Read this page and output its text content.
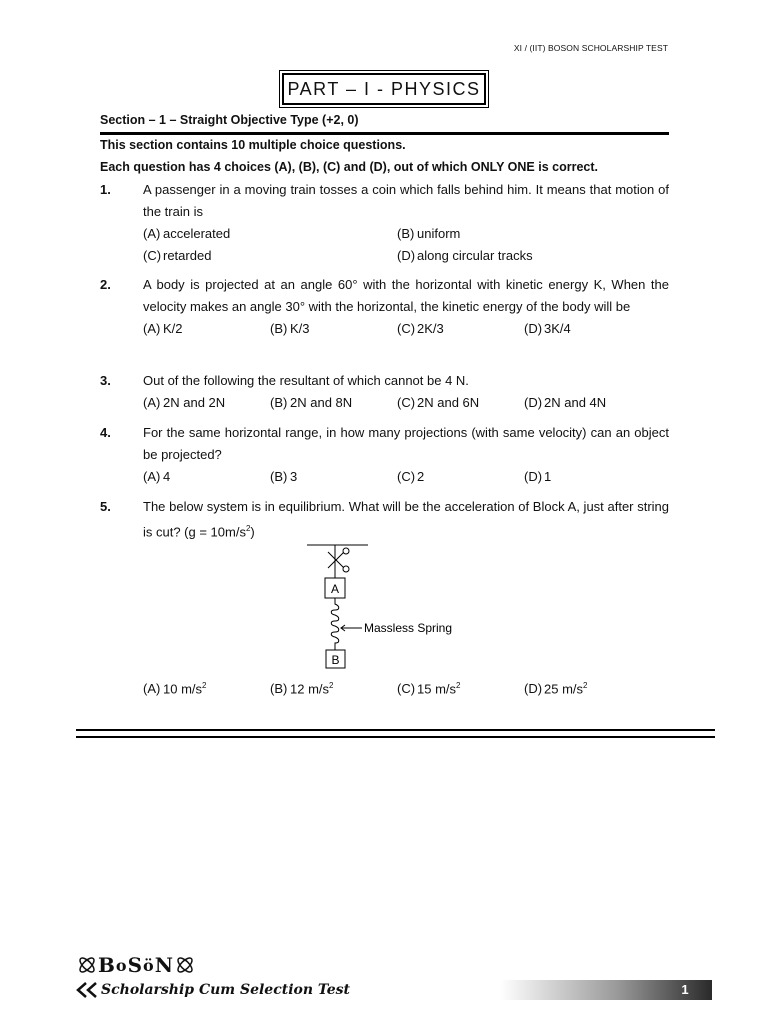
XI / (IIT) BOSON SCHOLARSHIP TEST
PART – I - PHYSICS
Section – 1 – Straight Objective Type (+2, 0)
This section contains 10 multiple choice questions.
Each question has 4 choices (A), (B), (C) and (D), out of which ONLY ONE is correct.
1. A passenger in a moving train tosses a coin which falls behind him. It means that motion of the train is
(A) accelerated	(B) uniform
(C) retarded	(D) along circular tracks
2. A body is projected at an angle 60° with the horizontal with kinetic energy K, When the velocity makes an angle 30° with the horizontal, the kinetic energy of the body will be
(A) K/2	(B) K/3	(C) 2K/3	(D) 3K/4
3. Out of the following the resultant of which cannot be 4 N.
(A) 2N and 2N	(B) 2N and 8N	(C) 2N and 6N	(D) 2N and 4N
4. For the same horizontal range, in how many projections (with same velocity) can an object be projected?
(A) 4	(B) 3	(C) 2	(D) 1
5. The below system is in equilibrium. What will be the acceleration of Block A, just after string is cut? $(g = 10m/s^2)$
A
Massless Spring
B
(A) 10 $m/s^2$	(B) 12 $m/s^2$	(C) 15 $m/s^2$	(D) 25 $m/s^2$
B o S ö N
Scholarship Cum Selection Test	1
